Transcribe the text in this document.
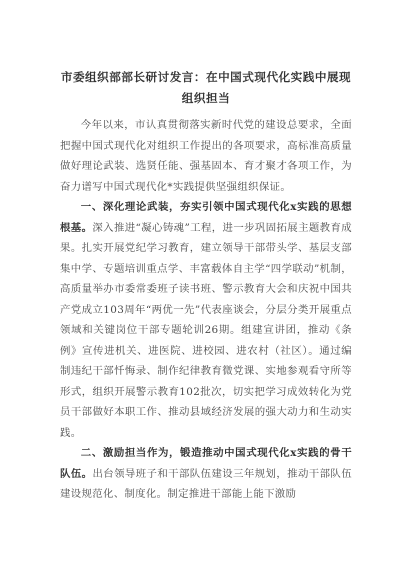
市委组织部部长研讨发言：在中国式现代化实践中展现组织担当

今年以来，市认真贯彻落实新时代党的建设总要求，全面把握中国式现代化对组织工作提出的各项要求，高标准高质量做好理论武装、选贤任能、强基固本、育才聚才各项工作，为奋力谱写中国式现代化*实践提供坚强组织保证。

一、深化理论武装，夯实引领中国式现代化x实践的思想根基。深入推进“凝心铸魂”工程，进一步巩固拓展主题教育成果。扎实开展党纪学习教育，建立领导干部带头学、基层支部集中学、专题培训重点学、丰富载体自主学“四学联动”机制，高质量举办市委常委班子读书班、警示教育大会和庆祝中国共产党成立103周年“两优一先”代表座谈会，分层分类开展重点领域和关键岗位干部专题轮训26期。组建宣讲团，推动《条例》宣传进机关、进医院、进校园、进农村（社区）。通过编制违纪干部忏悔录、制作纪律教育微党课、实地参观看守所等形式，组织开展警示教育102批次，切实把学习成效转化为党员干部做好本职工作、推动县域经济发展的强大动力和生动实践。

二、激励担当作为，锻造推动中国式现代化x实践的骨干队伍。出台领导班子和干部队伍建设三年规划，推动干部队伍建设规范化、制度化。制定推进干部能上能下激励
